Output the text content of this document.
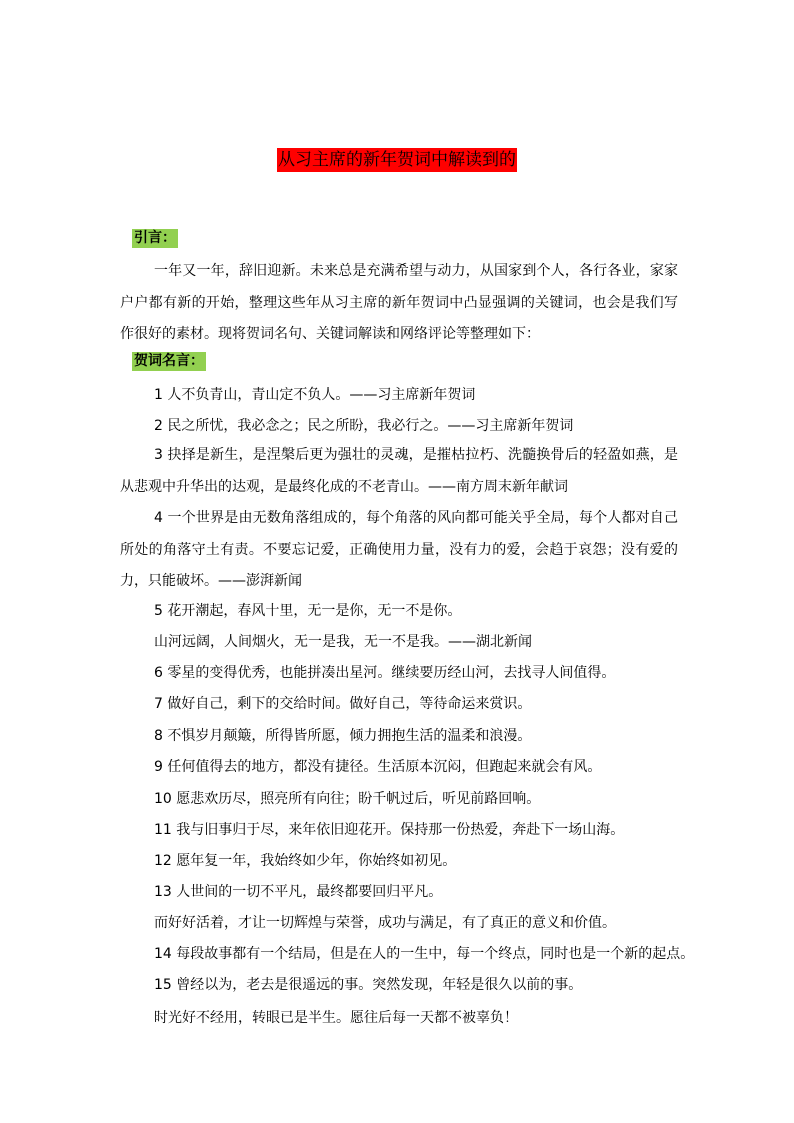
从习主席的新年贺词中解读到的
引言：

一年又一年，辞旧迎新。未来总是充满希望与动力，从国家到个人，各行各业，家家户户都有新的开始，整理这些年从习主席的新年贺词中凸显强调的关键词，也会是我们写作很好的素材。现将贺词名句、关键词解读和网络评论等整理如下：

贺词名言：

1 人不负青山，青山定不负人。——习主席新年贺词

2 民之所忧，我必念之；民之所盼，我必行之。——习主席新年贺词

3 抉择是新生，是涅槃后更为强壮的灵魂，是摧枯拉朽、洗髓换骨后的轻盈如燕，是从悲观中升华出的达观，是最终化成的不老青山。——南方周末新年献词

4 一个世界是由无数角落组成的，每个角落的风向都可能关乎全局，每个人都对自己所处的角落守土有责。不要忘记爱，正确使用力量，没有力的爱，会趋于哀怨；没有爱的力，只能破坏。——澎湃新闻

5 花开潮起，春风十里，无一是你，无一不是你。

山河远阔，人间烟火，无一是我，无一不是我。——湖北新闻

6 零星的变得优秀，也能拼凑出星河。继续要历经山河，去找寻人间值得。

7 做好自己，剩下的交给时间。做好自己，等待命运来赏识。

8 不惧岁月颠簸，所得皆所愿，倾力拥抱生活的温柔和浪漫。

9 任何值得去的地方，都没有捷径。生活原本沉闷，但跑起来就会有风。

10 愿悲欢历尽，照亮所有向往；盼千帆过后，听见前路回响。

11 我与旧事归于尽，来年依旧迎花开。保持那一份热爱，奔赴下一场山海。

12 愿年复一年，我始终如少年，你始终如初见。

13 人世间的一切不平凡，最终都要回归平凡。

而好好活着，才让一切辉煌与荣誉，成功与满足，有了真正的意义和价值。

14 每段故事都有一个结局，但是在人的一生中，每一个终点，同时也是一个新的起点。

15 曾经以为，老去是很遥远的事。突然发现，年轻是很久以前的事。

时光好不经用，转眼已是半生。愿往后每一天都不被辜负！
